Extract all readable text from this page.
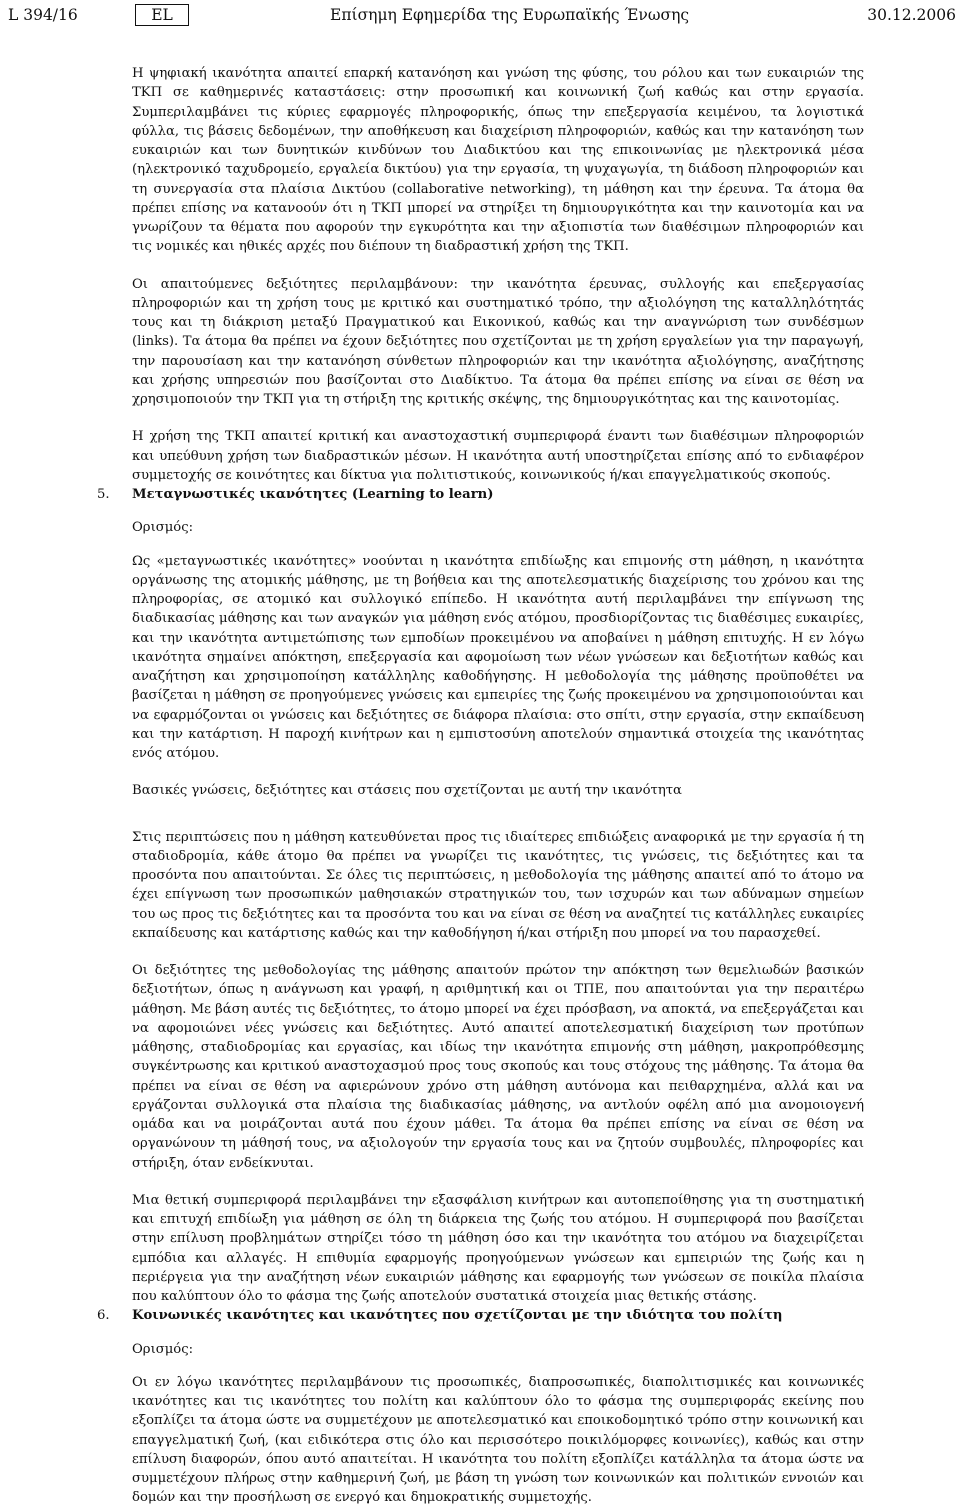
L 394/16	EL	Επίσημη Εφημερίδα της Ευρωπαϊκής Ένωσης	30.12.2006

Η ψηφιακή ικανότητα απαιτεί επαρκή κατανόηση και γνώση της φύσης, του ρόλου και των ευκαιριών της ΤΚΠ σε καθημερινές καταστάσεις: στην προσωπική και κοινωνική ζωή καθώς και στην εργασία. Συμπεριλαμβάνει τις κύριες εφαρμογές πληροφορικής, όπως την επεξεργασία κειμένου, τα λογιστικά φύλλα, τις βάσεις δεδομένων, την αποθήκευση και διαχείριση πληροφοριών, καθώς και την κατανόηση των ευκαιριών και των δυνητικών κινδύνων του Διαδικτύου και της επικοινωνίας με ηλεκτρονικά μέσα (ηλεκτρονικό ταχυδρομείο, εργαλεία δικτύου) για την εργασία, τη ψυχαγωγία, τη διάδοση πληροφοριών και τη συνεργασία στα πλαίσια Δικτύου (collaborative networking), τη μάθηση και την έρευνα. Τα άτομα θα πρέπει επίσης να κατανοούν ότι η ΤΚΠ μπορεί να στηρίξει τη δημιουργικότητα και την καινοτομία και να γνωρίζουν τα θέματα που αφορούν την εγκυρότητα και την αξιοπιστία των διαθέσιμων πληροφοριών και τις νομικές και ηθικές αρχές που διέπουν τη διαδραστική χρήση της ΤΚΠ.

Οι απαιτούμενες δεξιότητες περιλαμβάνουν: την ικανότητα έρευνας, συλλογής και επεξεργασίας πληροφοριών και τη χρήση τους με κριτικό και συστηματικό τρόπο, την αξιολόγηση της καταλληλότητάς τους και τη διάκριση μεταξύ Πραγματικού και Εικονικού, καθώς και την αναγνώριση των συνδέσμων (links). Τα άτομα θα πρέπει να έχουν δεξιότητες που σχετίζονται με τη χρήση εργαλείων για την παραγωγή, την παρουσίαση και την κατανόηση σύνθετων πληροφοριών και την ικανότητα αξιολόγησης, αναζήτησης και χρήσης υπηρεσιών που βασίζονται στο Διαδίκτυο. Τα άτομα θα πρέπει επίσης να είναι σε θέση να χρησιμοποιούν την ΤΚΠ για τη στήριξη της κριτικής σκέψης, της δημιουργικότητας και της καινοτομίας.

Η χρήση της ΤΚΠ απαιτεί κριτική και αναστοχαστική συμπεριφορά έναντι των διαθέσιμων πληροφοριών και υπεύθυνη χρήση των διαδραστικών μέσων. Η ικανότητα αυτή υποστηρίζεται επίσης από το ενδιαφέρον συμμετοχής σε κοινότητες και δίκτυα για πολιτιστικούς, κοινωνικούς ή/και επαγγελματικούς σκοπούς.

5. Μεταγνωστικές ικανότητες (Learning to learn)

Ορισμός:

Ως «μεταγνωστικές ικανότητες» νοούνται η ικανότητα επιδίωξης και επιμονής στη μάθηση, η ικανότητα οργάνωσης της ατομικής μάθησης, με τη βοήθεια και της αποτελεσματικής διαχείρισης του χρόνου και της πληροφορίας, σε ατομικό και συλλογικό επίπεδο. Η ικανότητα αυτή περιλαμβάνει την επίγνωση της διαδικασίας μάθησης και των αναγκών για μάθηση ενός ατόμου, προσδιορίζοντας τις διαθέσιμες ευκαιρίες, και την ικανότητα αντιμετώπισης των εμποδίων προκειμένου να αποβαίνει η μάθηση επιτυχής. Η εν λόγω ικανότητα σημαίνει απόκτηση, επεξεργασία και αφομοίωση των νέων γνώσεων και δεξιοτήτων καθώς και αναζήτηση και χρησιμοποίηση κατάλληλης καθοδήγησης. Η μεθοδολογία της μάθησης προϋποθέτει να βασίζεται η μάθηση σε προηγούμενες γνώσεις και εμπειρίες της ζωής προκειμένου να χρησιμοποιούνται και να εφαρμόζονται οι γνώσεις και δεξιότητες σε διάφορα πλαίσια: στο σπίτι, στην εργασία, στην εκπαίδευση και την κατάρτιση. Η παροχή κινήτρων και η εμπιστοσύνη αποτελούν σημαντικά στοιχεία της ικανότητας ενός ατόμου.

Βασικές γνώσεις, δεξιότητες και στάσεις που σχετίζονται με αυτή την ικανότητα

Στις περιπτώσεις που η μάθηση κατευθύνεται προς τις ιδιαίτερες επιδιώξεις αναφορικά με την εργασία ή τη σταδιοδρομία, κάθε άτομο θα πρέπει να γνωρίζει τις ικανότητες, τις γνώσεις, τις δεξιότητες και τα προσόντα που απαιτούνται. Σε όλες τις περιπτώσεις, η μεθοδολογία της μάθησης απαιτεί από το άτομο να έχει επίγνωση των προσωπικών μαθησιακών στρατηγικών του, των ισχυρών και των αδύναμων σημείων του ως προς τις δεξιότητες και τα προσόντα του και να είναι σε θέση να αναζητεί τις κατάλληλες ευκαιρίες εκπαίδευσης και κατάρτισης καθώς και την καθοδήγηση ή/και στήριξη που μπορεί να του παρασχεθεί.

Οι δεξιότητες της μεθοδολογίας της μάθησης απαιτούν πρώτον την απόκτηση των θεμελιωδών βασικών δεξιοτήτων, όπως η ανάγνωση και γραφή, η αριθμητική και οι ΤΠΕ, που απαιτούνται για την περαιτέρω μάθηση. Με βάση αυτές τις δεξιότητες, το άτομο μπορεί να έχει πρόσβαση, να αποκτά, να επεξεργάζεται και να αφομοιώνει νέες γνώσεις και δεξιότητες. Αυτό απαιτεί αποτελεσματική διαχείριση των προτύπων μάθησης, σταδιοδρομίας και εργασίας, και ιδίως την ικανότητα επιμονής στη μάθηση, μακροπρόθεσμης συγκέντρωσης και κριτικού αναστοχασμού προς τους σκοπούς και τους στόχους της μάθησης. Τα άτομα θα πρέπει να είναι σε θέση να αφιερώνουν χρόνο στη μάθηση αυτόνομα και πειθαρχημένα, αλλά και να εργάζονται συλλογικά στα πλαίσια της διαδικασίας μάθησης, να αντλούν οφέλη από μια ανομοιογενή ομάδα και να μοιράζονται αυτά που έχουν μάθει. Τα άτομα θα πρέπει επίσης να είναι σε θέση να οργανώνουν τη μάθησή τους, να αξιολογούν την εργασία τους και να ζητούν συμβουλές, πληροφορίες και στήριξη, όταν ενδείκνυται.

Μια θετική συμπεριφορά περιλαμβάνει την εξασφάλιση κινήτρων και αυτοπεποίθησης για τη συστηματική και επιτυχή επιδίωξη για μάθηση σε όλη τη διάρκεια της ζωής του ατόμου. Η συμπεριφορά που βασίζεται στην επίλυση προβλημάτων στηρίζει τόσο τη μάθηση όσο και την ικανότητα του ατόμου να διαχειρίζεται εμπόδια και αλλαγές. Η επιθυμία εφαρμογής προηγούμενων γνώσεων και εμπειριών της ζωής και η περιέργεια για την αναζήτηση νέων ευκαιριών μάθησης και εφαρμογής των γνώσεων σε ποικίλα πλαίσια που καλύπτουν όλο το φάσμα της ζωής αποτελούν συστατικά στοιχεία μιας θετικής στάσης.

6. Κοινωνικές ικανότητες και ικανότητες που σχετίζονται με την ιδιότητα του πολίτη

Ορισμός:

Οι εν λόγω ικανότητες περιλαμβάνουν τις προσωπικές, διαπροσωπικές, διαπολιτισμικές και κοινωνικές ικανότητες και τις ικανότητες του πολίτη και καλύπτουν όλο το φάσμα της συμπεριφοράς εκείνης που εξοπλίζει τα άτομα ώστε να συμμετέχουν με αποτελεσματικό και εποικοδομητικό τρόπο στην κοινωνική και επαγγελματική ζωή, (και ειδικότερα στις όλο και περισσότερο ποικιλόμορφες κοινωνίες), καθώς και στην επίλυση διαφορών, όπου αυτό απαιτείται. Η ικανότητα του πολίτη εξοπλίζει κατάλληλα τα άτομα ώστε να συμμετέχουν πλήρως στην καθημερινή ζωή, με βάση τη γνώση των κοινωνικών και πολιτικών εννοιών και δομών και την προσήλωση σε ενεργό και δημοκρατικής συμμετοχής.
